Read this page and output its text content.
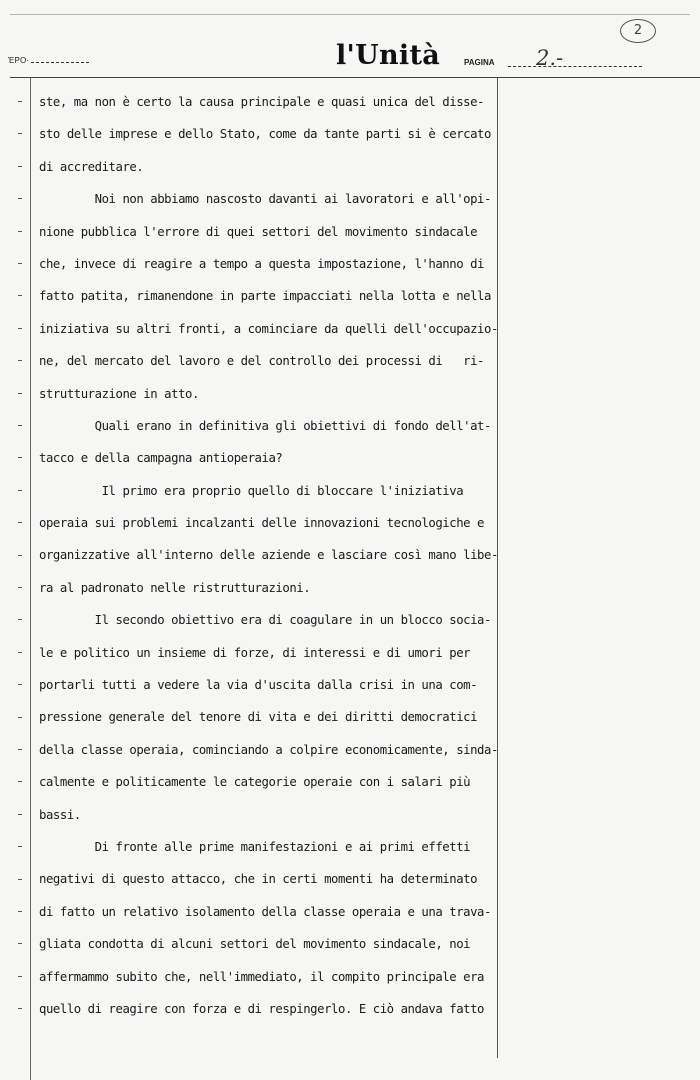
ΈΡΟ·	l'Unità	PAGINA 2.-
2
ste, ma non è certo la causa principale e quasi unica del disse-
sto delle imprese e dello Stato, come da tante parti si è cercato
di accreditare.
Noi non abbiamo nascosto davanti ai lavoratori e all'opi-
nione pubblica l'errore di quei settori del movimento sindacale
che, invece di reagire a tempo a questa impostazione, l'hanno di
fatto patita, rimanendone in parte impacciati nella lotta e nella
iniziativa su altri fronti, a cominciare da quelli dell'occupazio-
ne, del mercato del lavoro e del controllo dei processi di   ri-
strutturazione in atto.
Quali erano in definitiva gli obiettivi di fondo dell'at-
tacco e della campagna antioperaia?
Il primo era proprio quello di bloccare l'iniziativa
operaia sui problemi incalzanti delle innovazioni tecnologiche e
organizzative all'interno delle aziende e lasciare così mano libe-
ra al padronato nelle ristrutturazioni.
Il secondo obiettivo era di coagulare in un blocco socia-
le e politico un insieme di forze, di interessi e di umori per
portarli tutti a vedere la via d'uscita dalla crisi in una com-
pressione generale del tenore di vita e dei diritti democratici
della classe operaia, cominciando a colpire economicamente, sinda-
calmente e politicamente le categorie operaie con i salari più
bassi.
Di fronte alle prime manifestazioni e ai primi effetti
negativi di questo attacco, che in certi momenti ha determinato
di fatto un relativo isolamento della classe operaia e una trava-
gliata condotta di alcuni settori del movimento sindacale, noi
affermammo subito che, nell'immediato, il compito principale era
quello di reagire con forza e di respingerlo. E ciò andava fatto
